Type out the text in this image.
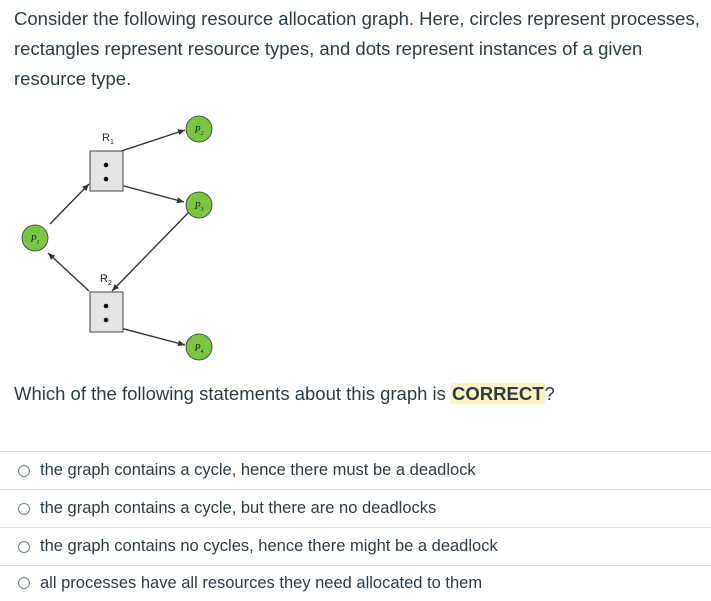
Consider the following resource allocation graph. Here, circles represent processes, rectangles represent resource types, and dots represent instances of a given resource type.
$R_1$
$R_2$
$P_1$
$P_2$
$P_3$
$P_4$
Which of the following statements about this graph is CORRECT?
the graph contains a cycle, hence there must be a deadlock
the graph contains a cycle, but there are no deadlocks
the graph contains no cycles, hence there might be a deadlock
all processes have all resources they need allocated to them
